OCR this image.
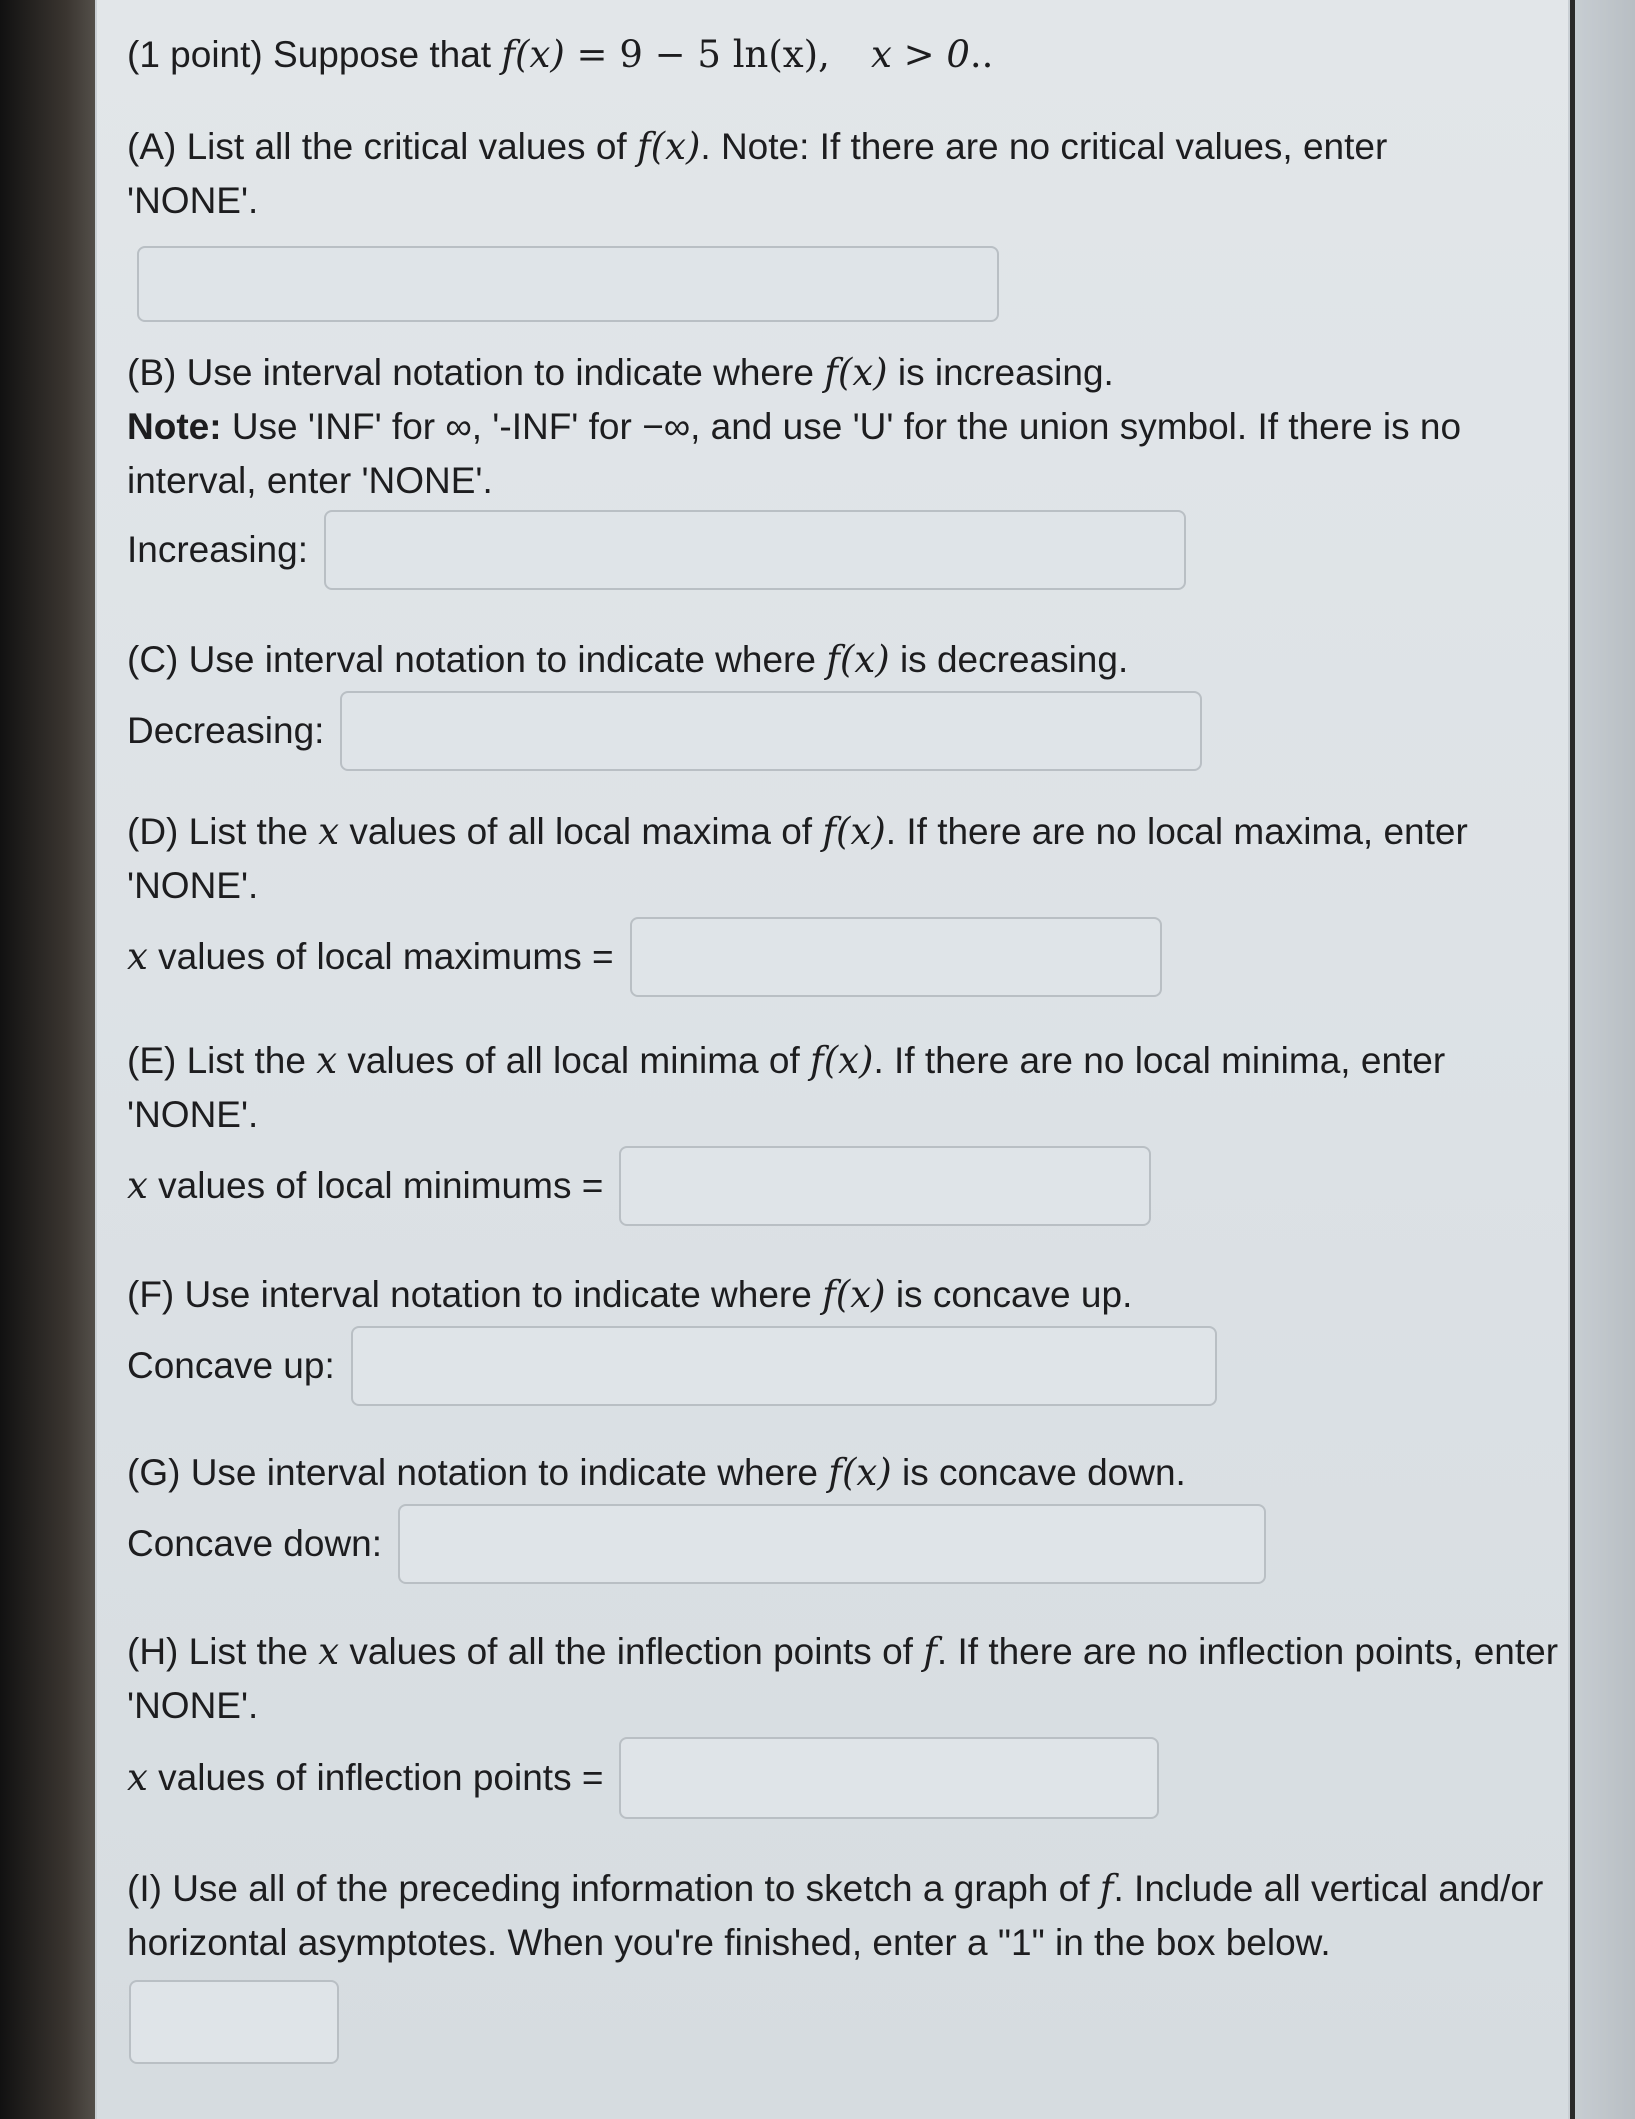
(1 point) Suppose that f(x) = 9 − 5 ln(x), x > 0..

(A) List all the critical values of f(x). Note: If there are no critical values, enter 'NONE'.

(B) Use interval notation to indicate where f(x) is increasing.

Note: Use 'INF' for ∞, '-INF' for −∞, and use 'U' for the union symbol. If there is no interval, enter 'NONE'.

Increasing:

(C) Use interval notation to indicate where f(x) is decreasing.

Decreasing:

(D) List the x values of all local maxima of f(x). If there are no local maxima, enter 'NONE'.

x values of local maximums =

(E) List the x values of all local minima of f(x). If there are no local minima, enter 'NONE'.

x values of local minimums =

(F) Use interval notation to indicate where f(x) is concave up.

Concave up:

(G) Use interval notation to indicate where f(x) is concave down.

Concave down:

(H) List the x values of all the inflection points of f. If there are no inflection points, enter 'NONE'.

x values of inflection points =

(I) Use all of the preceding information to sketch a graph of f. Include all vertical and/or horizontal asymptotes. When you're finished, enter a "1" in the box below.
